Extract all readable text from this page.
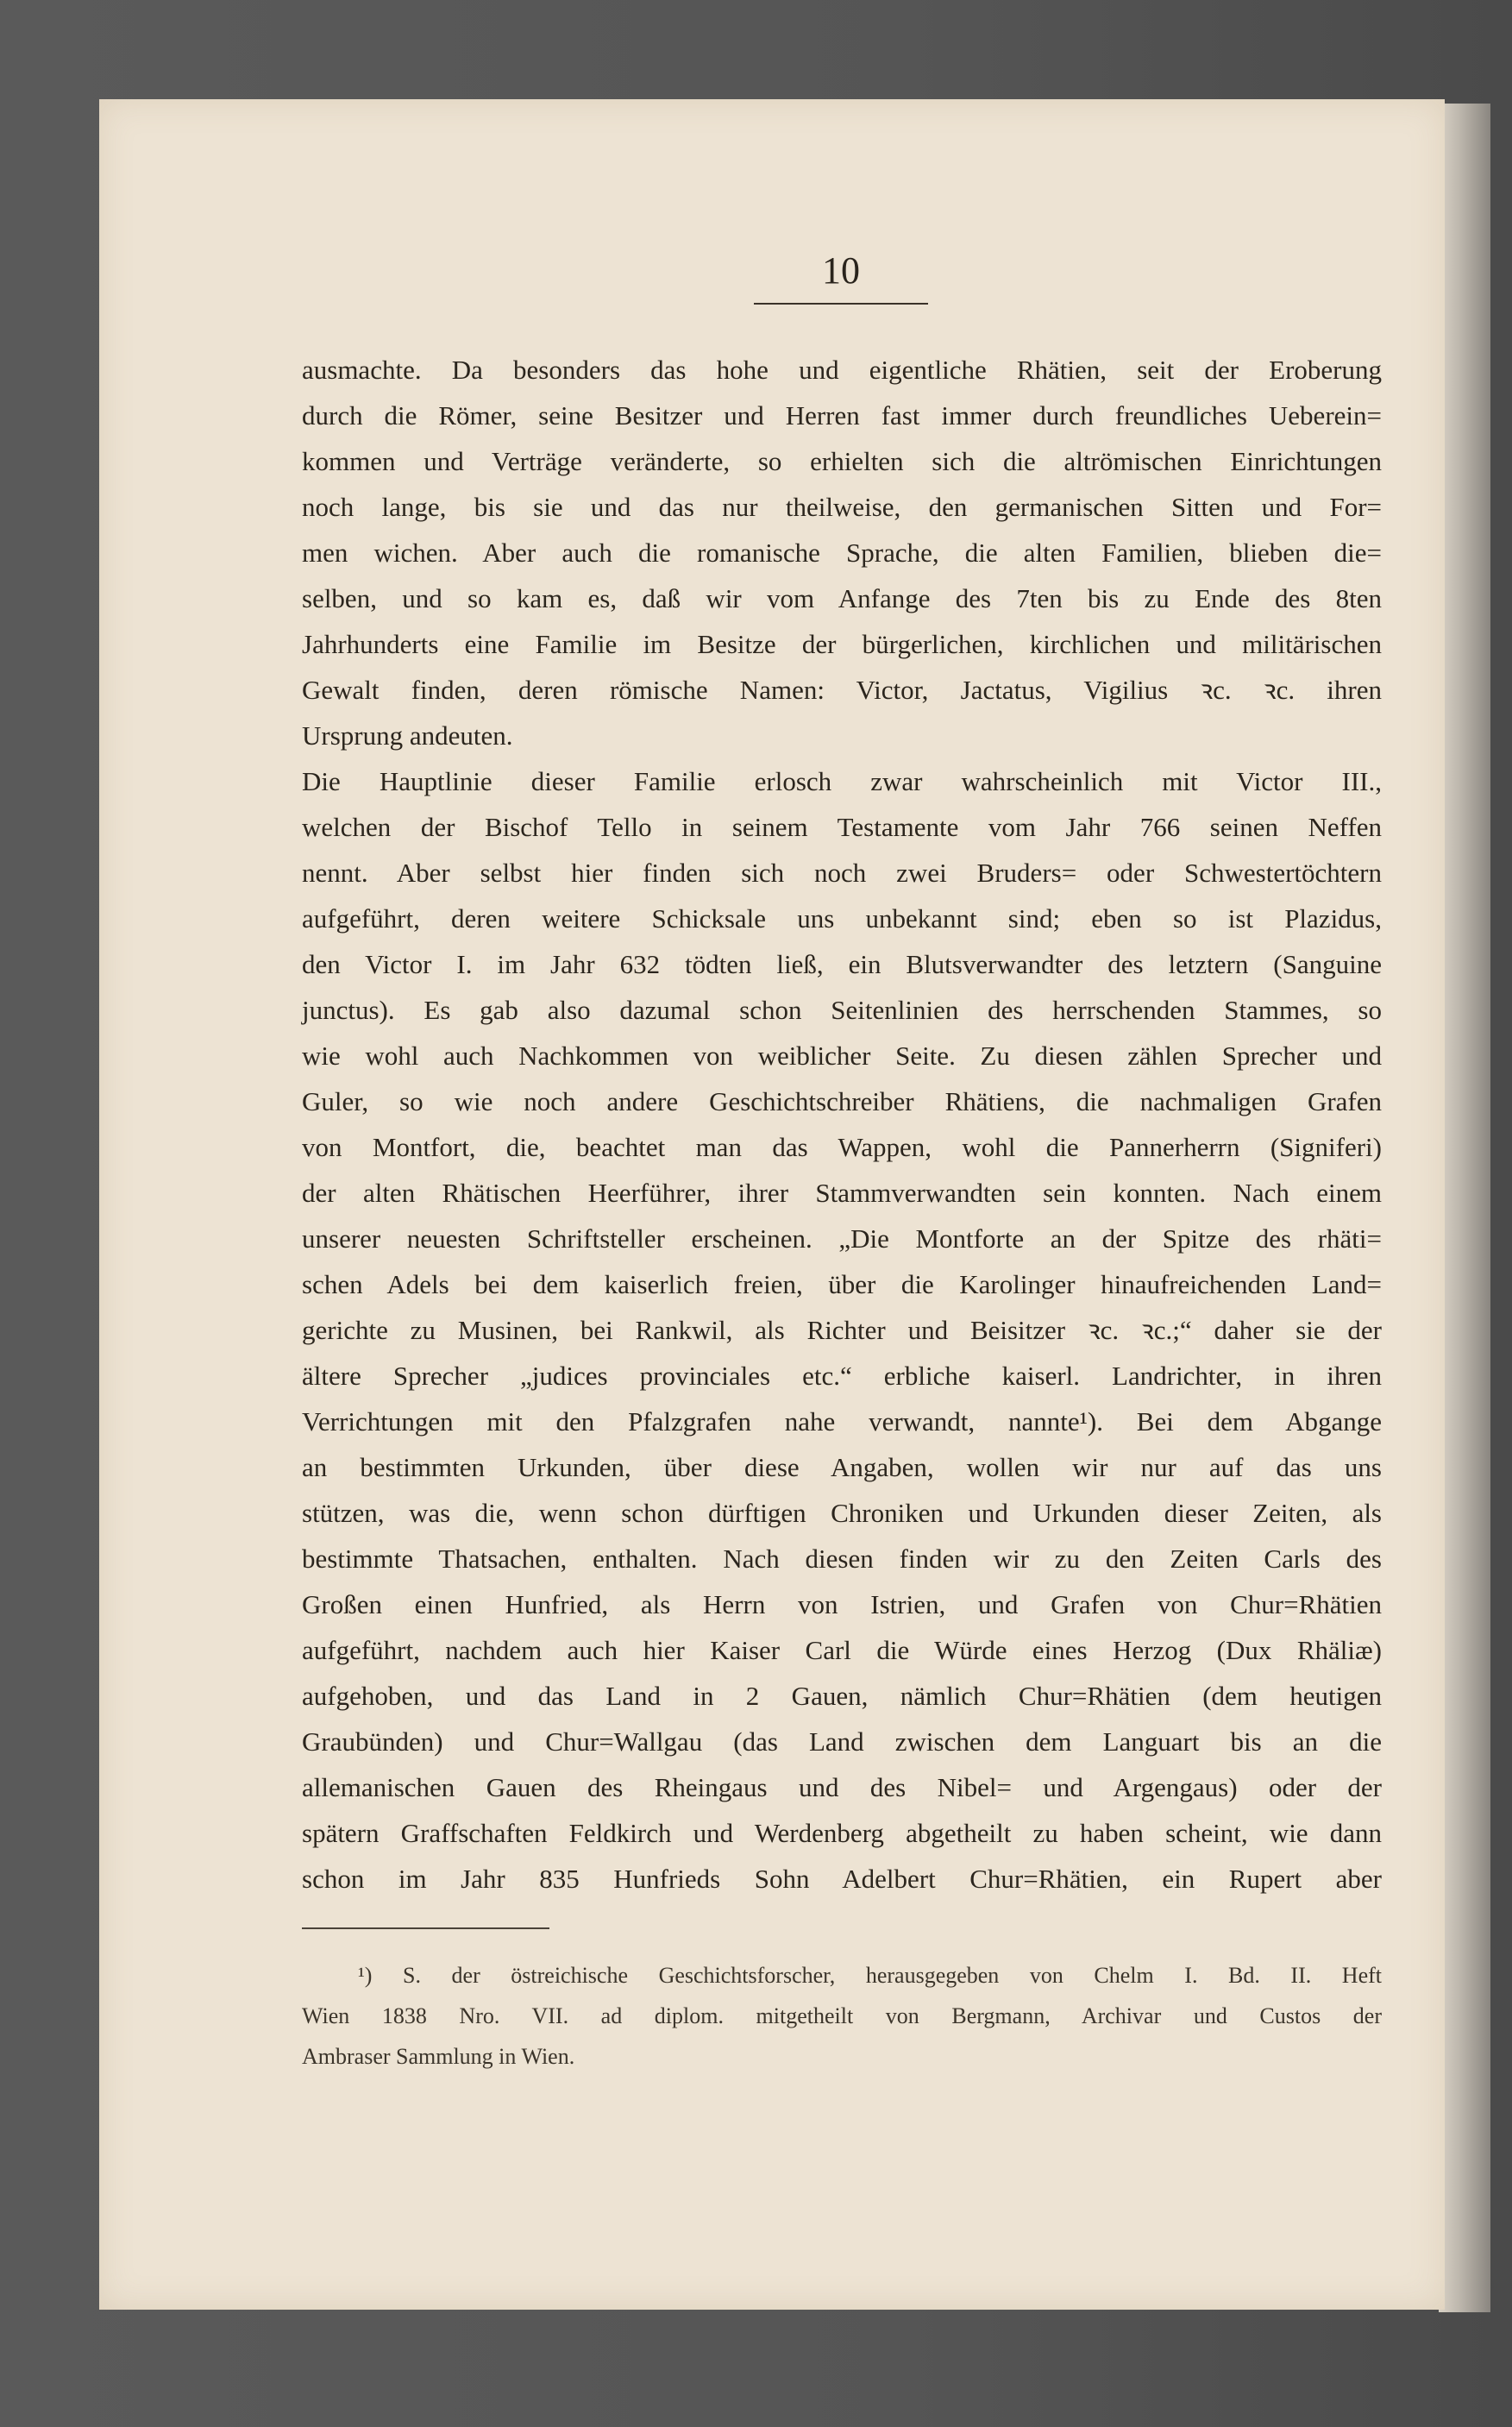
10
ausmachte. Da besonders das hohe und eigentliche Rhätien, seit der Eroberung
durch die Römer, seine Besitzer und Herren fast immer durch freundliches Ueberein=
kommen und Verträge veränderte, so erhielten sich die altrömischen Einrichtungen
noch lange, bis sie und das nur theilweise, den germanischen Sitten und For=
men wichen. Aber auch die romanische Sprache, die alten Familien, blieben die=
selben, und so kam es, daß wir vom Anfange des 7ten bis zu Ende des 8ten
Jahrhunderts eine Familie im Besitze der bürgerlichen, kirchlichen und militärischen
Gewalt finden, deren römische Namen: Victor, Jactatus, Vigilius ꝛc. ꝛc. ihren
Ursprung andeuten.
Die Hauptlinie dieser Familie erlosch zwar wahrscheinlich mit Victor III.,
welchen der Bischof Tello in seinem Testamente vom Jahr 766 seinen Neffen
nennt. Aber selbst hier finden sich noch zwei Bruders= oder Schwestertöchtern
aufgeführt, deren weitere Schicksale uns unbekannt sind; eben so ist Plazidus,
den Victor I. im Jahr 632 tödten ließ, ein Blutsverwandter des letztern (Sanguine
junctus). Es gab also dazumal schon Seitenlinien des herrschenden Stammes, so
wie wohl auch Nachkommen von weiblicher Seite. Zu diesen zählen Sprecher und
Guler, so wie noch andere Geschichtschreiber Rhätiens, die nachmaligen Grafen
von Montfort, die, beachtet man das Wappen, wohl die Pannerherrn (Signiferi)
der alten Rhätischen Heerführer, ihrer Stammverwandten sein konnten. Nach einem
unserer neuesten Schriftsteller erscheinen. „Die Montforte an der Spitze des rhäti=
schen Adels bei dem kaiserlich freien, über die Karolinger hinaufreichenden Land=
gerichte zu Musinen, bei Rankwil, als Richter und Beisitzer ꝛc. ꝛc.;“ daher sie der
ältere Sprecher „judices provinciales etc.“ erbliche kaiserl. Landrichter, in ihren
Verrichtungen mit den Pfalzgrafen nahe verwandt, nannte¹). Bei dem Abgange
an bestimmten Urkunden, über diese Angaben, wollen wir nur auf das uns
stützen, was die, wenn schon dürftigen Chroniken und Urkunden dieser Zeiten, als
bestimmte Thatsachen, enthalten. Nach diesen finden wir zu den Zeiten Carls des
Großen einen Hunfried, als Herrn von Istrien, und Grafen von Chur=Rhätien
aufgeführt, nachdem auch hier Kaiser Carl die Würde eines Herzog (Dux Rhäliæ)
aufgehoben, und das Land in 2 Gauen, nämlich Chur=Rhätien (dem heutigen
Graubünden) und Chur=Wallgau (das Land zwischen dem Languart bis an die
allemanischen Gauen des Rheingaus und des Nibel= und Argengaus) oder der
spätern Graffschaften Feldkirch und Werdenberg abgetheilt zu haben scheint, wie dann
schon im Jahr 835 Hunfrieds Sohn Adelbert Chur=Rhätien, ein Rupert aber
¹) S. der östreichische Geschichtsforscher, herausgegeben von Chelm I. Bd. II. Heft
Wien 1838 Nro. VII. ad diplom. mitgetheilt von Bergmann, Archivar und Custos der
Ambraser Sammlung in Wien.
